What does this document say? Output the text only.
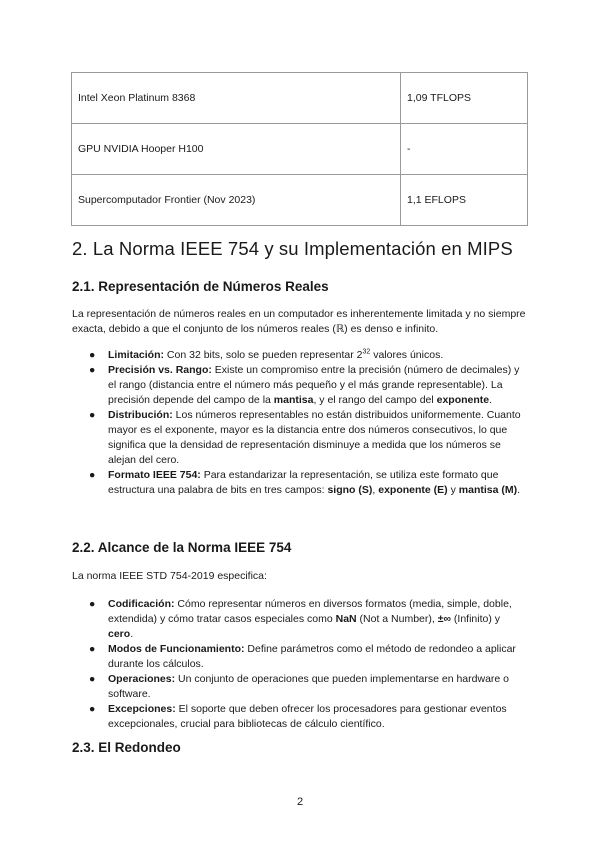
Intel Xeon Platinum 8368	1,09 TFLOPS
GPU NVIDIA Hooper H100	-
Supercomputador Frontier (Nov 2023)	1,1 EFLOPS
2. La Norma IEEE 754 y su Implementación en MIPS
2.1. Representación de Números Reales

La representación de números reales en un computador es inherentemente limitada y no siempre exacta, debido a que el conjunto de los números reales (ℝ) es denso e infinito.

● Limitación: Con 32 bits, solo se pueden representar $2^{32}$ valores únicos.
● Precisión vs. Rango: Existe un compromiso entre la precisión (número de decimales) y el rango (distancia entre el número más pequeño y el más grande representable). La precisión depende del campo de la mantisa, y el rango del campo del exponente.
● Distribución: Los números representables no están distribuidos uniformemente. Cuanto mayor es el exponente, mayor es la distancia entre dos números consecutivos, lo que significa que la densidad de representación disminuye a medida que los números se alejan del cero.
● Formato IEEE 754: Para estandarizar la representación, se utiliza este formato que estructura una palabra de bits en tres campos: signo (S), exponente (E) y mantisa (M).
2.2. Alcance de la Norma IEEE 754

La norma IEEE STD 754-2019 especifica:

● Codificación: Cómo representar números en diversos formatos (media, simple, doble, extendida) y cómo tratar casos especiales como NaN (Not a Number), ±∞ (Infinito) y cero.
● Modos de Funcionamiento: Define parámetros como el método de redondeo a aplicar durante los cálculos.
● Operaciones: Un conjunto de operaciones que pueden implementarse en hardware o software.
● Excepciones: El soporte que deben ofrecer los procesadores para gestionar eventos excepcionales, crucial para bibliotecas de cálculo científico.
2.3. El Redondeo
2
